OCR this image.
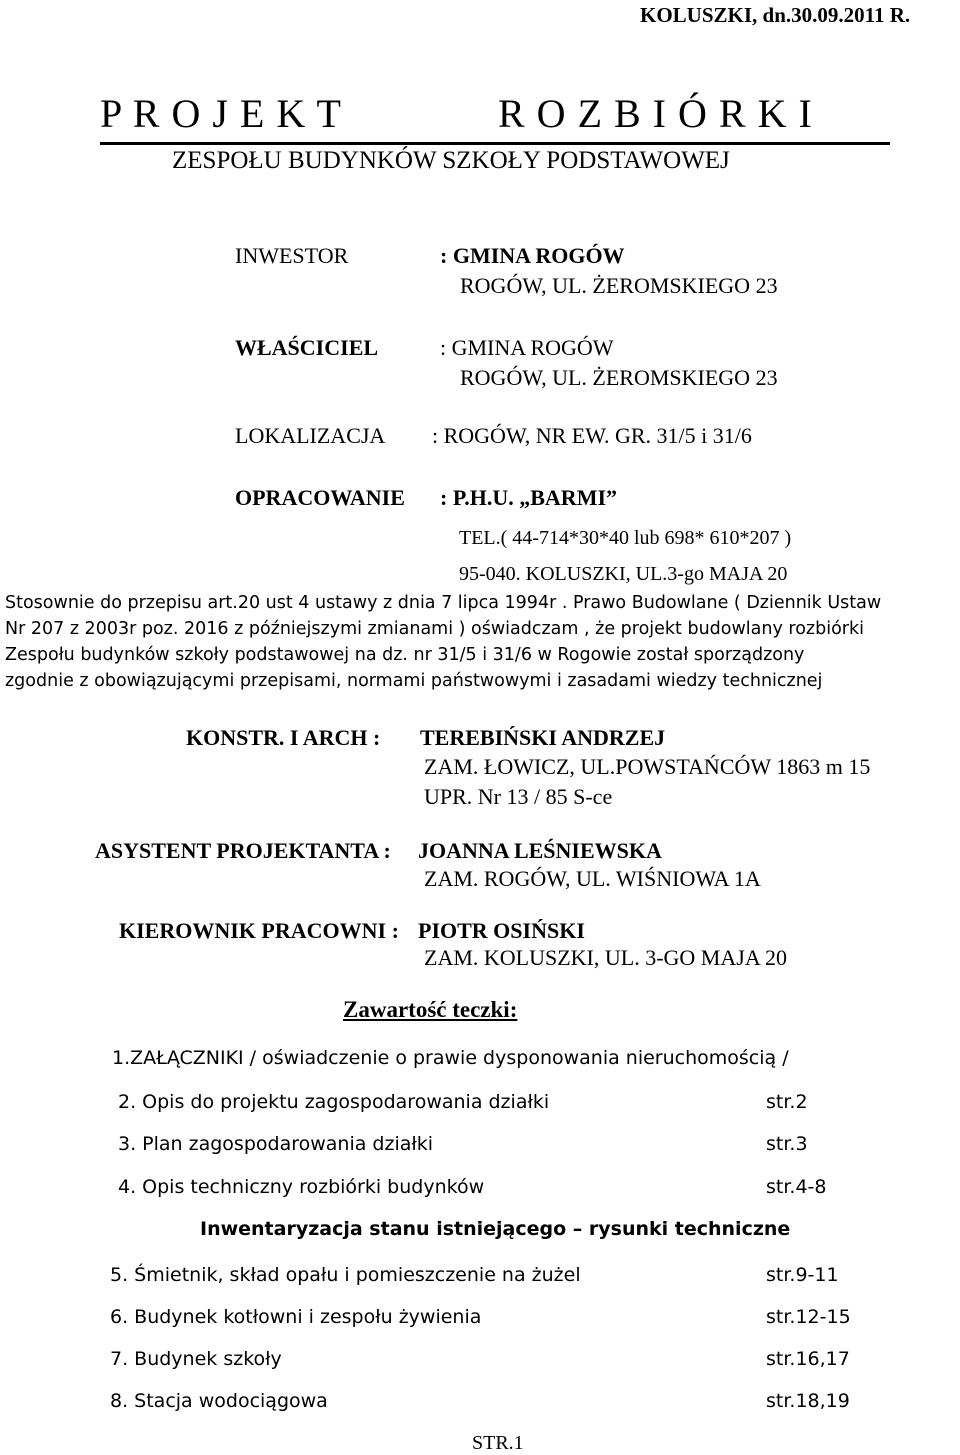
KOLUSZKI, dn.30.09.2011 R.
P R O J E K T	R O Z B I Ó R K I
ZESPOŁU BUDYNKÓW SZKOŁY PODSTAWOWEJ
INWESTOR	: GMINA ROGÓW
ROGÓW, UL. ŻEROMSKIEGO 23
WŁAŚCICIEL	: GMINA ROGÓW
ROGÓW, UL. ŻEROMSKIEGO 23
LOKALIZACJA : ROGÓW, NR EW. GR. 31/5 i 31/6
OPRACOWANIE : P.H.U. „BARMI”
TEL.( 44-714*30*40 lub 698* 610*207 )
95-040. KOLUSZKI, UL.3-go MAJA 20
Stosownie do przepisu art.20 ust 4 ustawy z dnia 7 lipca 1994r . Prawo Budowlane ( Dziennik Ustaw
Nr 207 z 2003r poz. 2016 z późniejszymi zmianami ) oświadczam , że projekt budowlany rozbiórki
Zespołu budynków szkoły podstawowej na dz. nr 31/5 i 31/6 w Rogowie został sporządzony
zgodnie z obowiązującymi przepisami, normami państwowymi i zasadami wiedzy technicznej
KONSTR. I ARCH : TEREBIŃSKI ANDRZEJ
ZAM. ŁOWICZ, UL.POWSTAŃCÓW 1863 m 15
UPR. Nr 13 / 85 S-ce
ASYSTENT PROJEKTANTA : JOANNA LEŚNIEWSKA
ZAM. ROGÓW, UL. WIŚNIOWA 1A
KIEROWNIK PRACOWNI : PIOTR OSIŃSKI
ZAM. KOLUSZKI, UL. 3-GO MAJA 20
Zawartość teczki:
1.ZAŁĄCZNIKI / oświadczenie o prawie dysponowania nieruchomością /
2. Opis do projektu zagospodarowania działki	str.2
3. Plan zagospodarowania działki	str.3
4. Opis techniczny rozbiórki budynków	str.4-8
Inwentaryzacja stanu istniejącego – rysunki techniczne
5. Śmietnik, skład opału i pomieszczenie na żużel	str.9-11
6. Budynek kotłowni i zespołu żywienia	str.12-15
7. Budynek szkoły	str.16,17
8. Stacja wodociągowa	str.18,19
STR.1
